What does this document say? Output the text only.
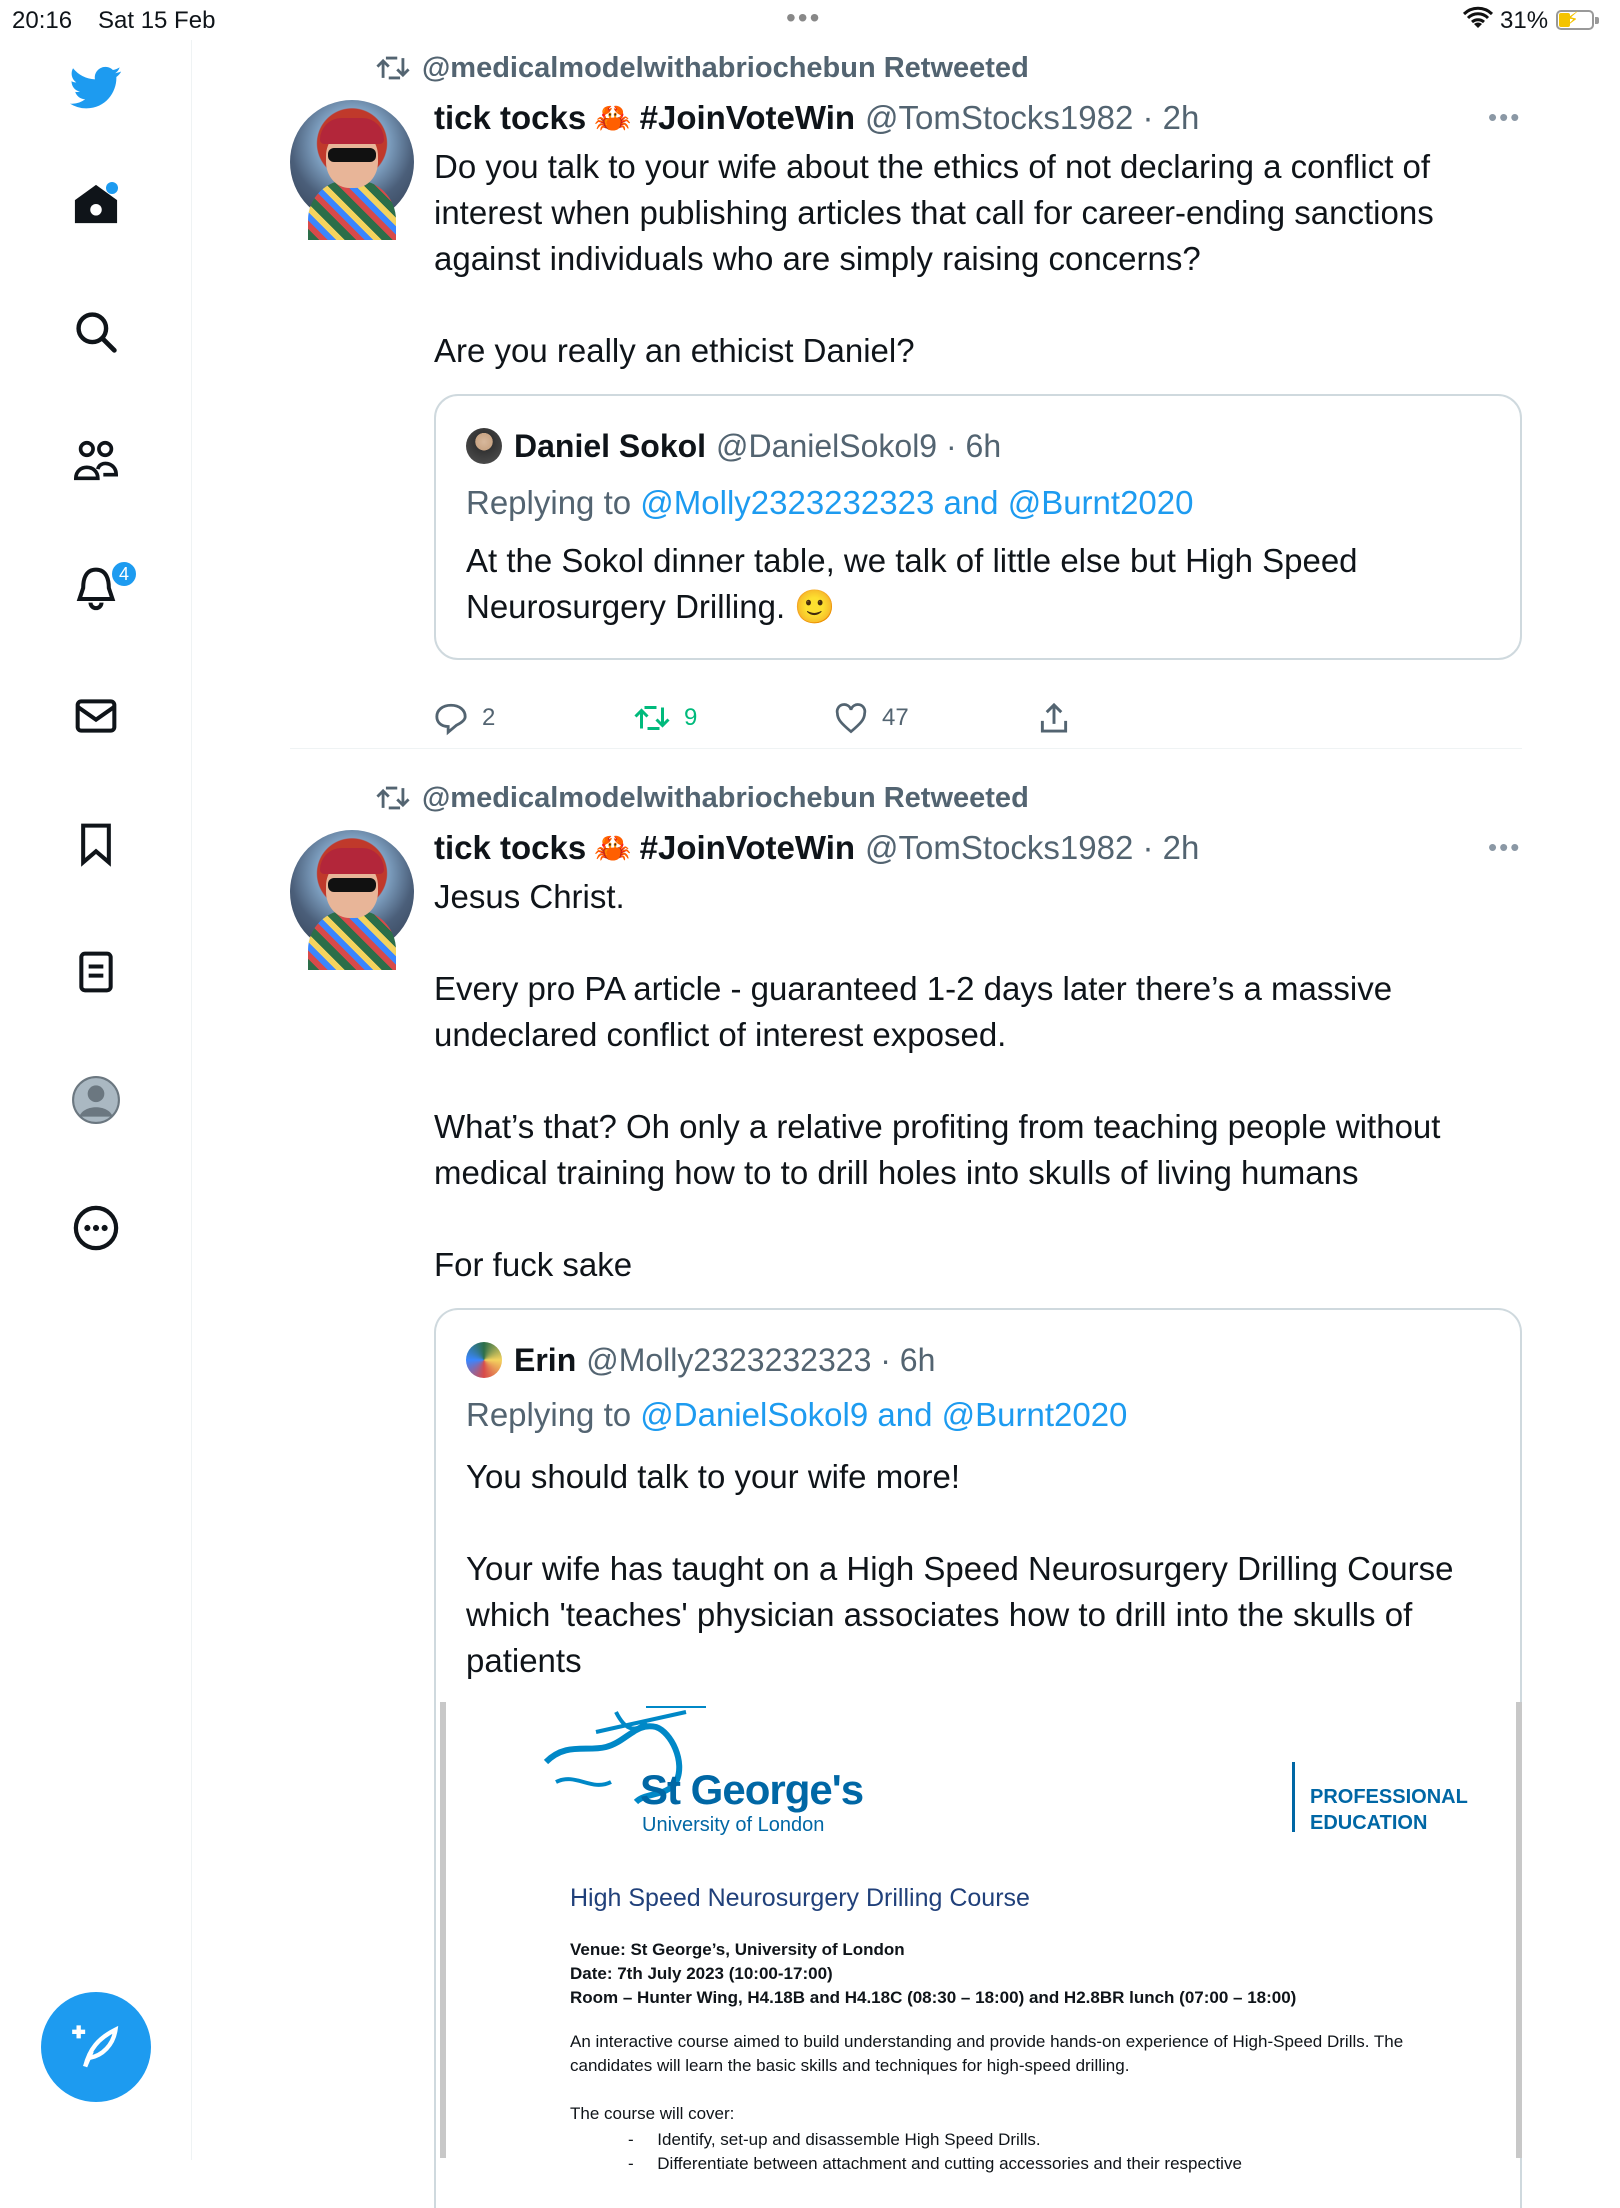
20:16 Sat 15 Feb	•••	31% ⚡
4
@medicalmodelwithabriochebun Retweeted
tick tocks 🦀 #JoinVoteWin @TomStocks1982 · 2h	•••

Do you talk to your wife about the ethics of not declaring a conflict of interest when publishing articles that call for career-ending sanctions against individuals who are simply raising concerns?

Are you really an ethicist Daniel?

Daniel Sokol @DanielSokol9 · 6h
Replying to @Molly2323232323 and @Burnt2020
At the Sokol dinner table, we talk of little else but High Speed Neurosurgery Drilling. 🙂
2	9	47
@medicalmodelwithabriochebun Retweeted
tick tocks 🦀 #JoinVoteWin @TomStocks1982 · 2h	•••

Jesus Christ.

Every pro PA article - guaranteed 1-2 days later there’s a massive undeclared conflict of interest exposed.

What’s that? Oh only a relative profiting from teaching people without medical training how to to drill holes into skulls of living humans

For fuck sake

Erin @Molly2323232323 · 6h
Replying to @DanielSokol9 and @Burnt2020
You should talk to your wife more!
Your wife has taught on a High Speed Neurosurgery Drilling Course which 'teaches' physician associates how to drill into the skulls of patients
St George's
University of London
PROFESSIONAL
EDUCATION
High Speed Neurosurgery Drilling Course
Venue: St George’s, University of London
Date: 7th July 2023 (10:00-17:00)
Room – Hunter Wing, H4.18B and H4.18C (08:30 – 18:00) and H2.8BR lunch (07:00 – 18:00)
An interactive course aimed to build understanding and provide hands-on experience of High-Speed Drills. The candidates will learn the basic skills and techniques for high-speed drilling.
The course will cover:
-     Identify, set-up and disassemble High Speed Drills.
-     Differentiate between attachment and cutting accessories and their respective
